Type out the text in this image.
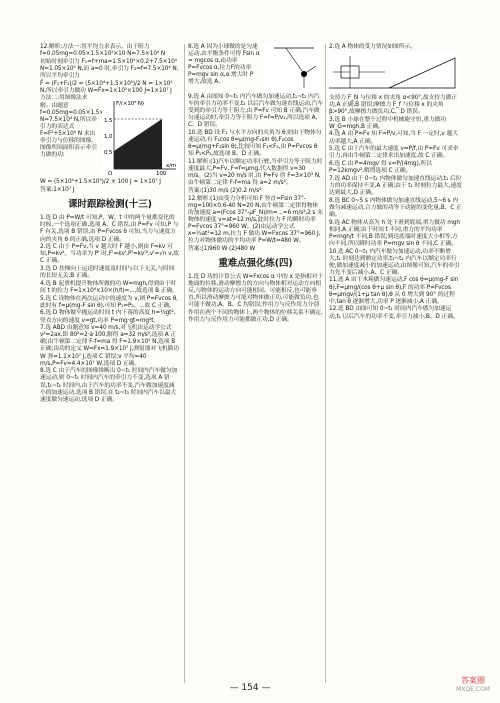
12.解析:方法一:用平均力求表示。由于阻力 f=0.05mg=0.05×1.5×10⁵×10 N=7.5×10⁴ N

初始时刻牵引力 F₁=f+ma=1.5×10⁵×0.2+7.5×10⁴ N=1.05×10⁵ N,而 a=0 时,牵引力 F₂=f=7.5×10⁴ N,所以平均牵引力

F̄ = (F₁+F₂)/2 = (5×10⁴+1.5×10⁵)/2 N = 1×10⁵ N,所以牵引力做功 W=F̄x=1×10⁵×100 J=1×10⁷ J

方法二:用图像法求解。由题意 f=0.05mg=0.05×1.5×10⁵×10 N=7.5×10⁴ N,所以牵引力的表达式 F=F²+5×10⁴ N 求出牵引力与位移的图像,图像所围面积表示牵引力做的功:

F/(×10⁵ N)
1.5
1.0
0.5
O	100
x/m

W = (5×10⁴+1.5×10⁵)/2 × 100 J = 1×10⁷ J

答案:1×10⁷ J

课时跟踪检测(十三)

1.选 D 由 P=W/t 可知,P、W、t 中的两个量都变化的时候,一个选项正确,选项 A、C 错误,由 P=Fv 可知,P 与 F 有关,选项 B 错误,由 P=Fvcos θ 可知,当力与速度方向的夹角 θ 的正确,选项 D 正确。

2.选 C 由于 P=Fv,当 v 越大时 F 越小,则由 F=kv 可知,P=kv²。当功率为 P' 时,F'=kv',P'=kv'²,v'=√n v,故 C 正确。

3.选 D 扶梯向上运送时速度及时间与以下无关,与时间的长短无关,B 正确。

4.选 B 起重机提升物体所做的功 W=mgh,得到由于时间 t 的拉力 F=1×10⁴×10×(h/t)=...,故选项 B 正确。

5.选 C 设物体在两次运动中的速度为 v,则 P=Fvcos θ,此时有 f=μ(mg-F sin θ),可知 P₁=P₂。...故 C 正确。

6.选 D 物体做平抛运动时间 t 内下落的高度 h=½gt²,竖直方向的速度 v=gt,功率 P=mg·gt=mg²t。

7.选 ABD 由题意知 v=40 m/s,对飞机由运动学公式 v²=2ax,即 80²=2·a·100,解得 a=32 m/s²,选项 A 正确;由牛顿第二定律 F-f=ma 得 F=1.9×10⁵ N,选项 B 正确;由功的定义 W=Fx=1.9×10⁷ J,弹射器对飞机做功 W 弹=1.1×10⁷ J,选项 C 错误;v 平均=40 m/s,P=Fv=4.4×10⁷ W,选项 D 正确。

8.选 C 由于汽车的图像推断出 0~t₁ 时间内汽车做匀加速运动,则 0~t₁ 时间内汽车的牵引力不变,选项 A 错误,t₁~t₂ 时间内,由于汽车的功率不变,汽车做加速度减小的加速运动,选项 B 错误,在 t₂~t₃ 时间内汽车以最大速度做匀速运动,选项 D 正确。

8.选 A 因为小球做的是匀速运动,由平衡条件可得 Fsin α = mgcos α,由功率 P=Fvcos α,拉力F的功率 P=mgv sin α,α 增大时 P 增大,故选 A。

9.选 A 由图知 0~t₁ 内汽车做匀加速运动,t₁~t₂ 内汽车的牵引力功率不变,t₂ 以后汽车做匀速直线运动,汽车受到的牵引力等于阻力,由 P=Fv 可知 B 正确,汽车做匀速运动时,牵引力等于阻力 F=f=P/v₁,所以选项 A、C、D 错误。

10.选 BD 设 F₁ 与水平方向的夹角为 θ,则由于物体匀速运动,有 F₁cos θ=μ(mg-F₁sin θ),F₂cos θ=μ(mg+F₂sin θ),比较可知 F₁<F₂,由 P=Fvcos θ 知 P₁<P₂,故选项 B、D 正确。

11.解析:(1)汽车以额定功率行驶,当牵引力等于阻力时速度最大,P=Fv, F=f=μmg,代入数据得 v=30 m/s。(2)当 v=20 m/s 时,由 P=Fv 得 F=3×10³ N,由牛顿第二定律 F-f=ma 得 a=2 m/s²。

答案:(1)30 m/s (2)0.2 m/s²

12.解析:(1)由受力分析可知 F 竖直=Fsin 37°-mg=100×0.6-40 N=20 N,由牛顿第二定律得物体的加速度 a=(Fcos 37°-μF_N)/m=...=6 m/s²,2 s 末物体的速度 v=at=12 m/s,此时拉力 F 的瞬时功率 P=Fvcos 37°=960 W。(2)由运动学公式 x=½at²=12 m,拉力 F 做功 W=Fxcos 37°=960 J,拉力对物体做功的平均功率 P=W/t=480 W。

答案:(1)960 W (2)480 W

重难点强化练(四)

1.选 D 功的计算公式 W=Fxcos α 中的 x 是指相对于地面的位移,滑动摩擦力的方向与物体相对运动方向相反,与物体的运动方向可能相同、可能相反,也可能垂直,所以滑动摩擦力可能对物体做正功,可能做负功,也可能不做功,A、B、C 均错误;作用力与反作用力分别作用在两个不同的物体上,两个物体的位移关系不确定,作用力与反作用力可能都做正功,D 正确。

2.选 A 物体的受力情况如图所示。

支持力 F_N 与位移 x 的夹角 α<90°,故支持力做正功,A 正确,B 错误;摩擦力 F_f 与位移 x 的夹角 β>90°,故摩擦力做负功,C、D 错误。

3.选 B 小球在整个过程中机械能守恒,重力做功 W_G=mgh,B 正确。

4.选 A 由 P=Fv 知 F=P/v,可知,当 F 一定时,v 越大功率越大,A 正确。

5.选 C 由于汽车的最大速度 v=P/f,由 P=Fv 可求牵引力,再由牛顿第二定律求出加速度,故 C 正确。

6.选 C 由 P=4mgv 得 v=P/(4mg),所以 P=12kmgv²,解得选项 C 正确。

7.选 AD 由于 0~t₁ 内物体做匀加速直线运动,t₁ 后拉力的功率保持不变,A 正确;由于 t₁ 时刻拉力最大,速度达到最大,D 正确。

8.选 BC 0~5 s 内物体做匀加速直线运动,5~6 s 内做匀减速运动,合力做的功等于动能的变化量,B、C 正确。

9.选 AC 物体从高为 h 处下滑到底端,重力做功 mgh 相同,A 正确;由于时间 t 不同,重力的平均功率 P=mgh/t 不同,B 错误;到达底端时速度大小相等,方向不同,所以瞬时功率 P=mgv sin θ 不同,C 正确。

10.选 AC 0~t₁ 内汽车做匀加速运动,功率不断增大,t₁ 时刻达到额定功率;t₁~t₂ 内汽车以额定功率行驶,做加速度减小的加速运动,由图像可知,汽车的牵引力先不变后减小,A、C 正确。

11.选 A 由于木箱做匀速运动,F cos θ=μ(mg-F sin θ),F=μmg/(cos θ+μ sin θ),F 的功率 P=Fvcos θ=μmgv/(1+μ tan θ),θ 从 0 增大到 90° 的过程中,tan θ 逐渐增大,功率 P 逐渐减小,A 正确。

12.选 BD 由图可知 0~t₁ 时间内汽车做匀加速运动,t₁ 以后汽车的功率不变,牵引力减小,B、D 正确。

— 154 —
答案圈
MXQE.COM
